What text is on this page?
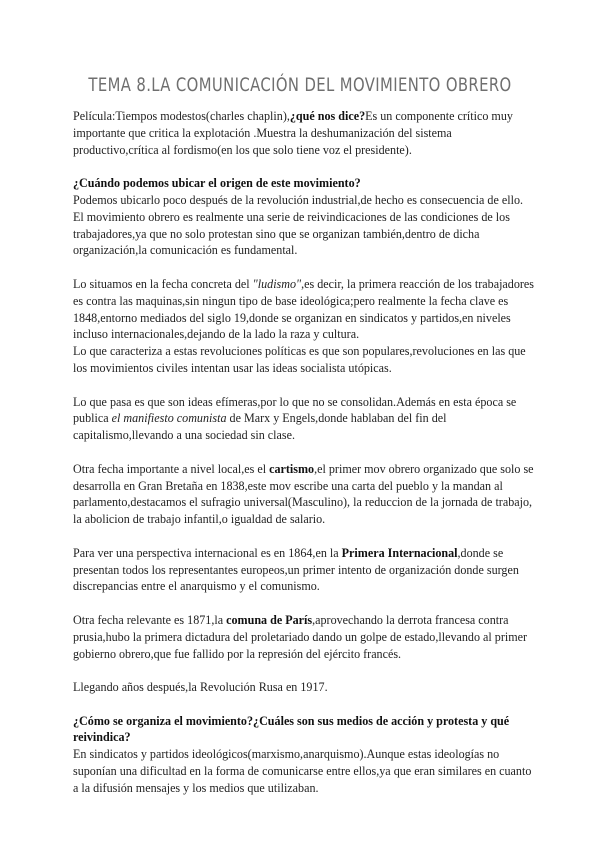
TEMA 8.LA COMUNICACIÓN DEL MOVIMIENTO OBRERO

Película:Tiempos modestos(charles chaplin),¿qué nos dice?Es un componente crítico muy importante que critica la explotación .Muestra la deshumanización del sistema productivo,crítica al fordismo(en los que solo tiene voz el presidente).

¿Cuándo podemos ubicar el origen de este movimiento?

Podemos ubicarlo poco después de la revolución industrial,de hecho es consecuencia de ello. El movimiento obrero es realmente una serie de reivindicaciones de las condiciones de los trabajadores,ya que no solo protestan sino que se organizan también,dentro de dicha organización,la comunicación es fundamental.

Lo situamos en la fecha concreta del "ludismo",es decir, la primera reacción de los trabajadores es contra las maquinas,sin ningun tipo de base ideológica;pero realmente la fecha clave es 1848,entorno mediados del siglo 19,donde se organizan en sindicatos y partidos,en niveles incluso internacionales,dejando de la lado la raza y cultura.

Lo que caracteriza a estas revoluciones políticas es que son populares,revoluciones en las que los movimientos civiles intentan usar las ideas socialista utópicas.

Lo que pasa es que son ideas efímeras,por lo que no se consolidan.Además en esta época se publica el manifiesto comunista de Marx y Engels,donde hablaban del fin del capitalismo,llevando a una sociedad sin clase.

Otra fecha importante a nivel local,es el cartismo,el primer mov obrero organizado que solo se desarrolla en Gran Bretaña en 1838,este mov escribe una carta del pueblo y la mandan al parlamento,destacamos el sufragio universal(Masculino), la reduccion de la jornada de trabajo, la abolicion de trabajo infantil,o igualdad de salario.

Para ver una perspectiva internacional es en 1864,en la Primera Internacional,donde se presentan todos los representantes europeos,un primer intento de organización donde surgen discrepancias entre el anarquismo y el comunismo.

Otra fecha relevante es 1871,la comuna de París,aprovechando la derrota francesa contra prusia,hubo la primera dictadura del proletariado dando un golpe de estado,llevando al primer gobierno obrero,que fue fallido por la represión del ejército francés.

Llegando años después,la Revolución Rusa en 1917.

¿Cómo se organiza el movimiento?¿Cuáles son sus medios de acción y protesta y qué reivindica?

En sindicatos y partidos ideológicos(marxismo,anarquismo).Aunque estas ideologías no suponían una dificultad en la forma de comunicarse entre ellos,ya que eran similares en cuanto a la difusión mensajes y los medios que utilizaban.
